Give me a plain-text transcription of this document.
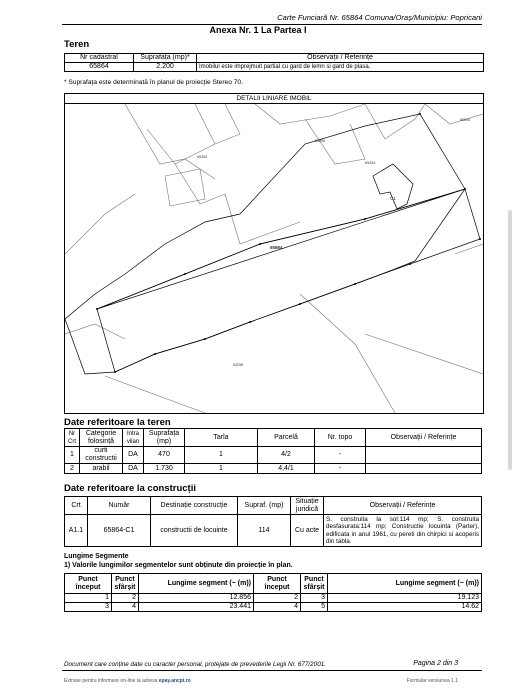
Carte Funciară Nr. 65864 Comuna/Oraș/Municipiu: Popricani
Anexa Nr. 1 La Partea I
Teren
Nr cadastral	Suprafața (mp)*	Observații / Referințe
65864	2.200	Imobilul este imprejmuit partial cu gard de lemn si gard de plasa.
* Suprafața este determinată în planul de proiecție Stereo 70.
DETALII LINIARE IMOBIL
65434
66694
60394
65898
63298
65864
C1
Date referitoare la teren
Nr Crt	Categorie folosință	Intra vilan	Suprafața (mp)	Tarla	Parcelă	Nr. topo	Observații / Referințe
1	curti constructii	DA	470	1	4/2	-	
2	arabil	DA	1.730	1	4,4/1	-	
Date referitoare la construcții
Crt	Număr	Destinație construcție	Supraf. (mp)	Situație juridică	Observații / Referințe
A1.1	65864-C1	constructii de locuinte	114	Cu acte	S. construita la sol:114 mp; S. construita desfasurata:114 mp; Constructie locuinta (Parter), edificata in anul 1961, cu pereti din chirpici si acoperis din tabla.
Lungime Segmente
1) Valorile lungimilor segmentelor sunt obținute din proiecție în plan.
Punct început	Punct sfârșit	Lungime segment (~ (m))	Punct început	Punct sfârșit	Lungime segment (~ (m))
1	2	12.856	2	3	19.123
3	4	23.441	4	5	14.62
Document care conține date cu caracter personal, protejate de prevederile Legii Nr. 677/2001.	Pagina 2 din 3
Extrase pentru informare on-line la adresa epay.ancpi.ro	Formular versiunea 1.1
